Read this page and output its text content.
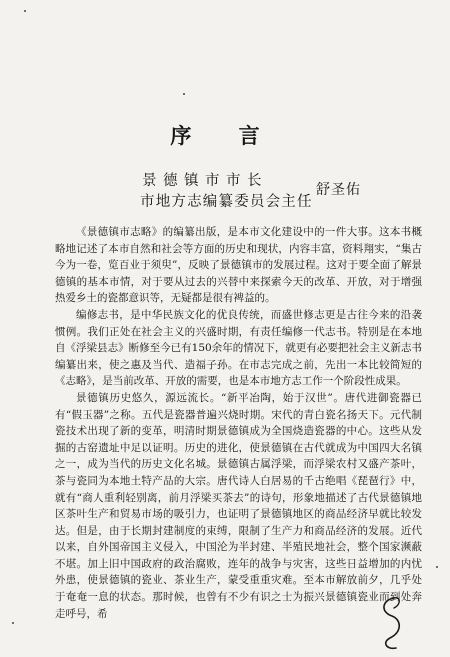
序 言
景德镇市市长
市地方志编纂委员会主任
舒圣佑

《景德镇市志略》的编纂出版，是本市文化建设中的一件大事。这本书概略地记述了本市自然和社会等方面的历史和现状，内容丰富，资料翔实，“集古今为一卷，览百业于须臾”，反映了景德镇市的发展过程。这对于要全面了解景德镇的基本市情，对于要从过去的兴替中来探索今天的改革、开放，对于增强热爱乡土的瓷都意识等，无疑都是很有裨益的。

编修志书，是中华民族文化的优良传统，而盛世修志更是古往今来的沿袭惯例。我们正处在社会主义的兴盛时期，有责任编修一代志书。特别是在本地自《浮梁县志》断修至今已有150余年的情况下，就更有必要把社会主义新志书编纂出来，使之惠及当代、造福子孙。在市志完成之前，先出一本比较简短的《志略》，是当前改革、开放的需要，也是本市地方志工作一个阶段性成果。

景德镇历史悠久，源远流长。“新平冶陶，始于汉世”。唐代进御瓷器已有“假玉器”之称。五代是瓷器普遍兴烧时期。宋代的青白瓷名扬天下。元代制瓷技术出现了新的变革，明清时期景德镇成为全国烧造瓷器的中心。这些从发掘的古窑遗址中足以证明。历史的进化，使景德镇在古代就成为中国四大名镇之一，成为当代的历史文化名城。景德镇古属浮梁，而浮梁农村又盛产茶叶，茶与瓷同为本地土特产品的大宗。唐代诗人白居易的千古绝唱《琵琶行》中，就有“商人重利轻别离，前月浮梁买茶去”的诗句，形象地描述了古代景德镇地区茶叶生产和贸易市场的吸引力，也证明了景德镇地区的商品经济早就比较发达。但是，由于长期封建制度的束缚，限制了生产力和商品经济的发展。近代以来，自外国帝国主义侵入，中国沦为半封建、半殖民地社会，整个国家濒蔽不堪。加上旧中国政府的政治腐败，连年的战争与灾害，这些日益增加的内忧外患，使景德镇的瓷业、茶业生产，蒙受重重灾难。至本市解放前夕，几乎处于奄奄一息的状态。那时候，也曾有不少有识之士为振兴景德镇瓷业而到处奔走呼号，希
